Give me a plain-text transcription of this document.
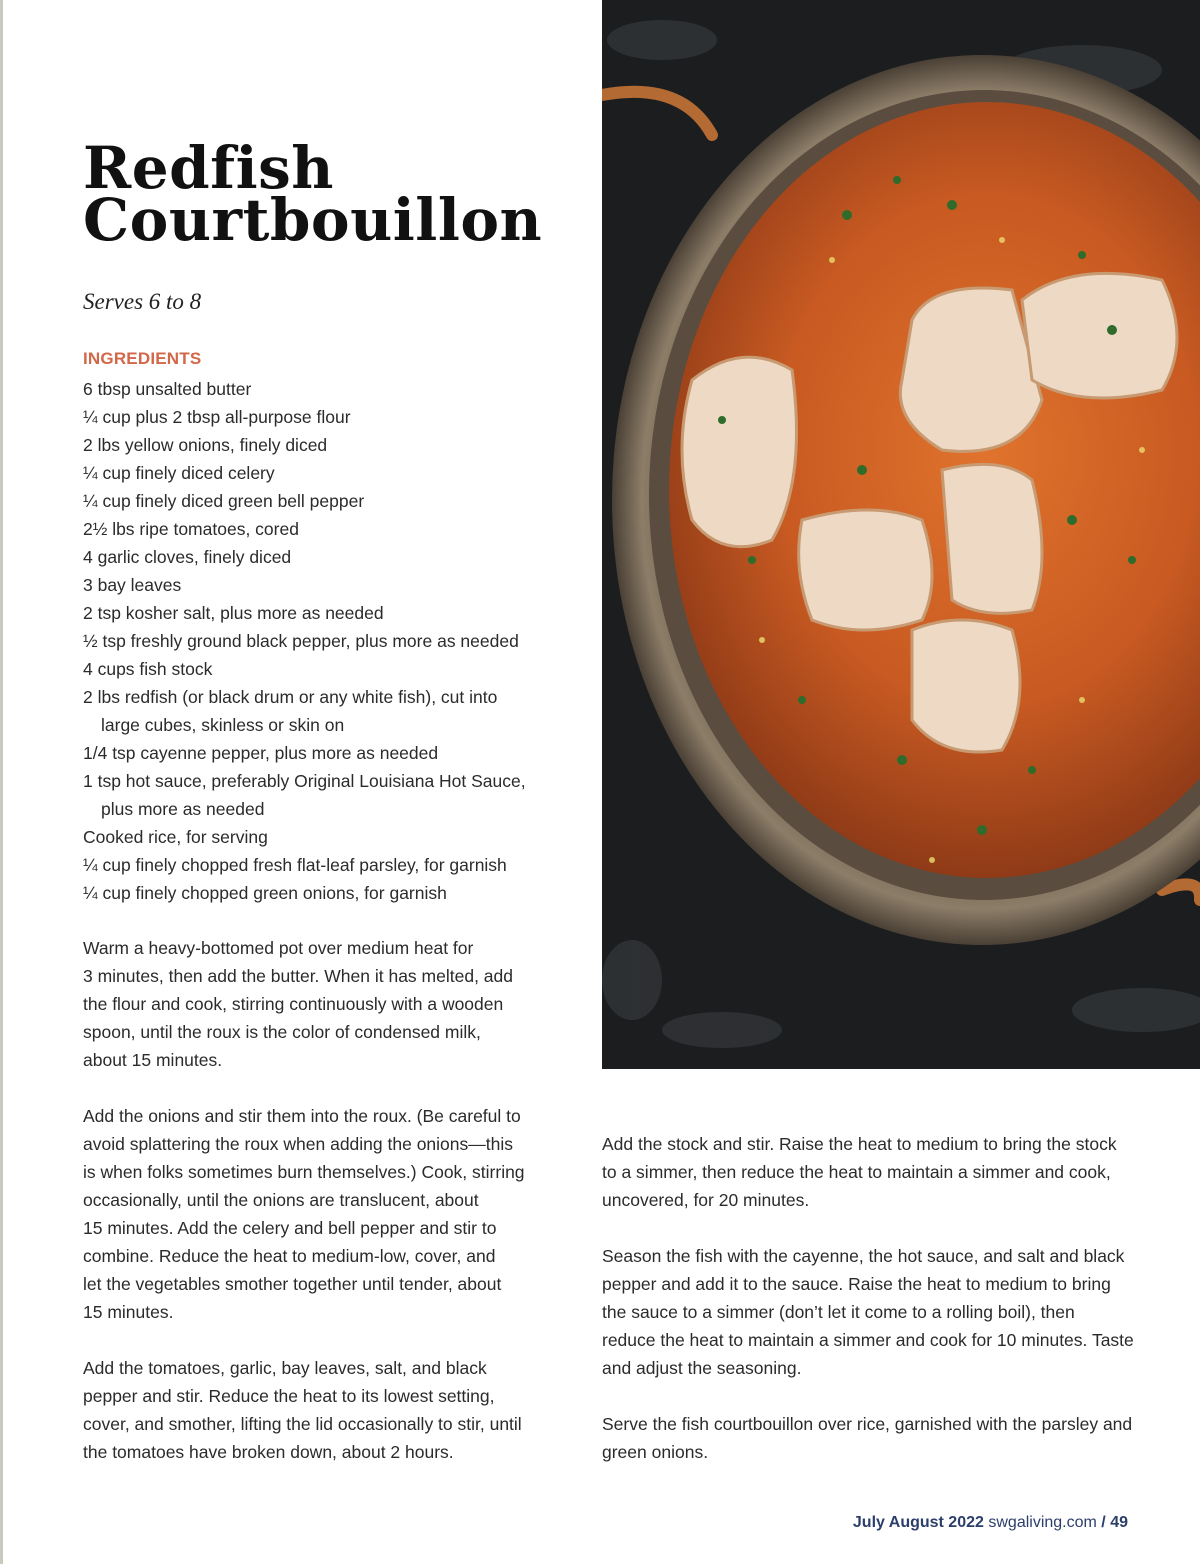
Redfish
Courtbouillon
Serves 6 to 8
INGREDIENTS
6 tbsp unsalted butter
¼ cup plus 2 tbsp all-purpose flour
2 lbs yellow onions, finely diced
¼ cup finely diced celery
¼ cup finely diced green bell pepper
2½ lbs ripe tomatoes, cored
4 garlic cloves, finely diced
3 bay leaves
2 tsp kosher salt, plus more as needed
½ tsp freshly ground black pepper, plus more as needed
4 cups fish stock
2 lbs redfish (or black drum or any white fish), cut into
large cubes, skinless or skin on
1/4 tsp cayenne pepper, plus more as needed
1 tsp hot sauce, preferably Original Louisiana Hot Sauce,
plus more as needed
Cooked rice, for serving
¼ cup finely chopped fresh flat-leaf parsley, for garnish
¼ cup finely chopped green onions, for garnish
Warm a heavy-bottomed pot over medium heat for
3 minutes, then add the butter. When it has melted, add
the flour and cook, stirring continuously with a wooden
spoon, until the roux is the color of condensed milk,
about 15 minutes.
Add the onions and stir them into the roux. (Be careful to
avoid splattering the roux when adding the onions—this
is when folks sometimes burn themselves.) Cook, stirring
occasionally, until the onions are translucent, about
15 minutes. Add the celery and bell pepper and stir to
combine. Reduce the heat to medium-low, cover, and
let the vegetables smother together until tender, about
15 minutes.
Add the tomatoes, garlic, bay leaves, salt, and black
pepper and stir. Reduce the heat to its lowest setting,
cover, and smother, lifting the lid occasionally to stir, until
the tomatoes have broken down, about 2 hours.
Add the stock and stir. Raise the heat to medium to bring the stock
to a simmer, then reduce the heat to maintain a simmer and cook,
uncovered, for 20 minutes.
Season the fish with the cayenne, the hot sauce, and salt and black
pepper and add it to the sauce. Raise the heat to medium to bring
the sauce to a simmer (don’t let it come to a rolling boil), then
reduce the heat to maintain a simmer and cook for 10 minutes. Taste
and adjust the seasoning.
Serve the fish courtbouillon over rice, garnished with the parsley and
green onions.
July August 2022 swgaliving.com / 49
